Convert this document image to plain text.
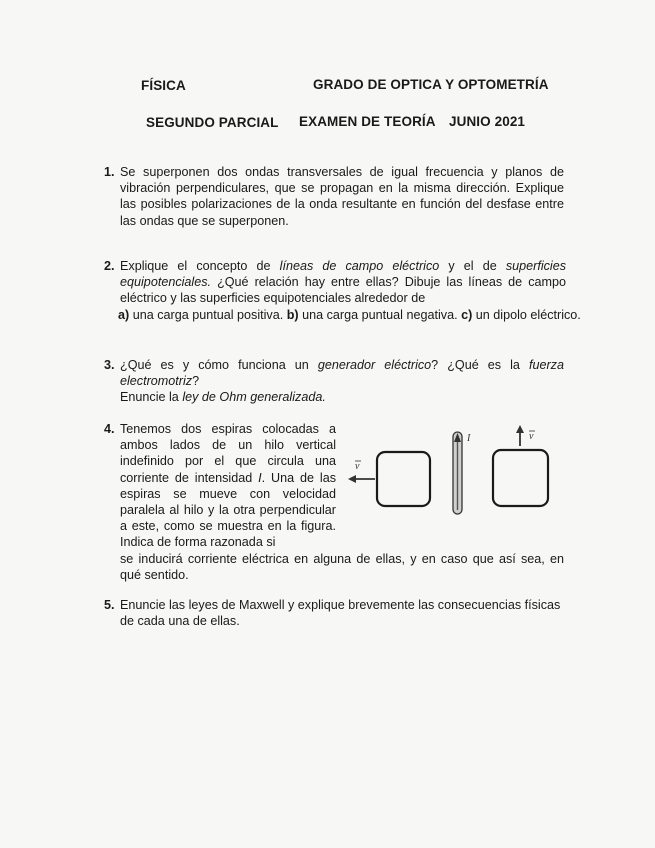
FÍSICA	GRADO DE OPTICA Y OPTOMETRÍA
SEGUNDO PARCIAL EXAMEN DE TEORÍA JUNIO 2021
1. Se superponen dos ondas transversales de igual frecuencia y planos de vibración perpendiculares, que se propagan en la misma dirección. Explique las posibles polarizaciones de la onda resultante en función del desfase entre las ondas que se superponen.
2. Explique el concepto de líneas de campo eléctrico y el de superficies equipotenciales. ¿Qué relación hay entre ellas? Dibuje las líneas de campo eléctrico y las superficies equipotenciales alrededor de
a) una carga puntual positiva. b) una carga puntual negativa. c) un dipolo eléctrico.
3. ¿Qué es y cómo funciona un generador eléctrico? ¿Qué es la fuerza electromotriz?
Enuncie la ley de Ohm generalizada.
4. Tenemos dos espiras colocadas a ambos lados de un hilo vertical indefinido por el que circula una corriente de intensidad I. Una de las espiras se mueve con velocidad paralela al hilo y la otra perpendicular a este, como se muestra en la figura. Indica de forma razonada si
se inducirá corriente eléctrica en alguna de ellas, y en caso que así sea, en qué sentido.
v
I	v
5. Enuncie las leyes de Maxwell y explique brevemente las consecuencias físicas de cada una de ellas.
